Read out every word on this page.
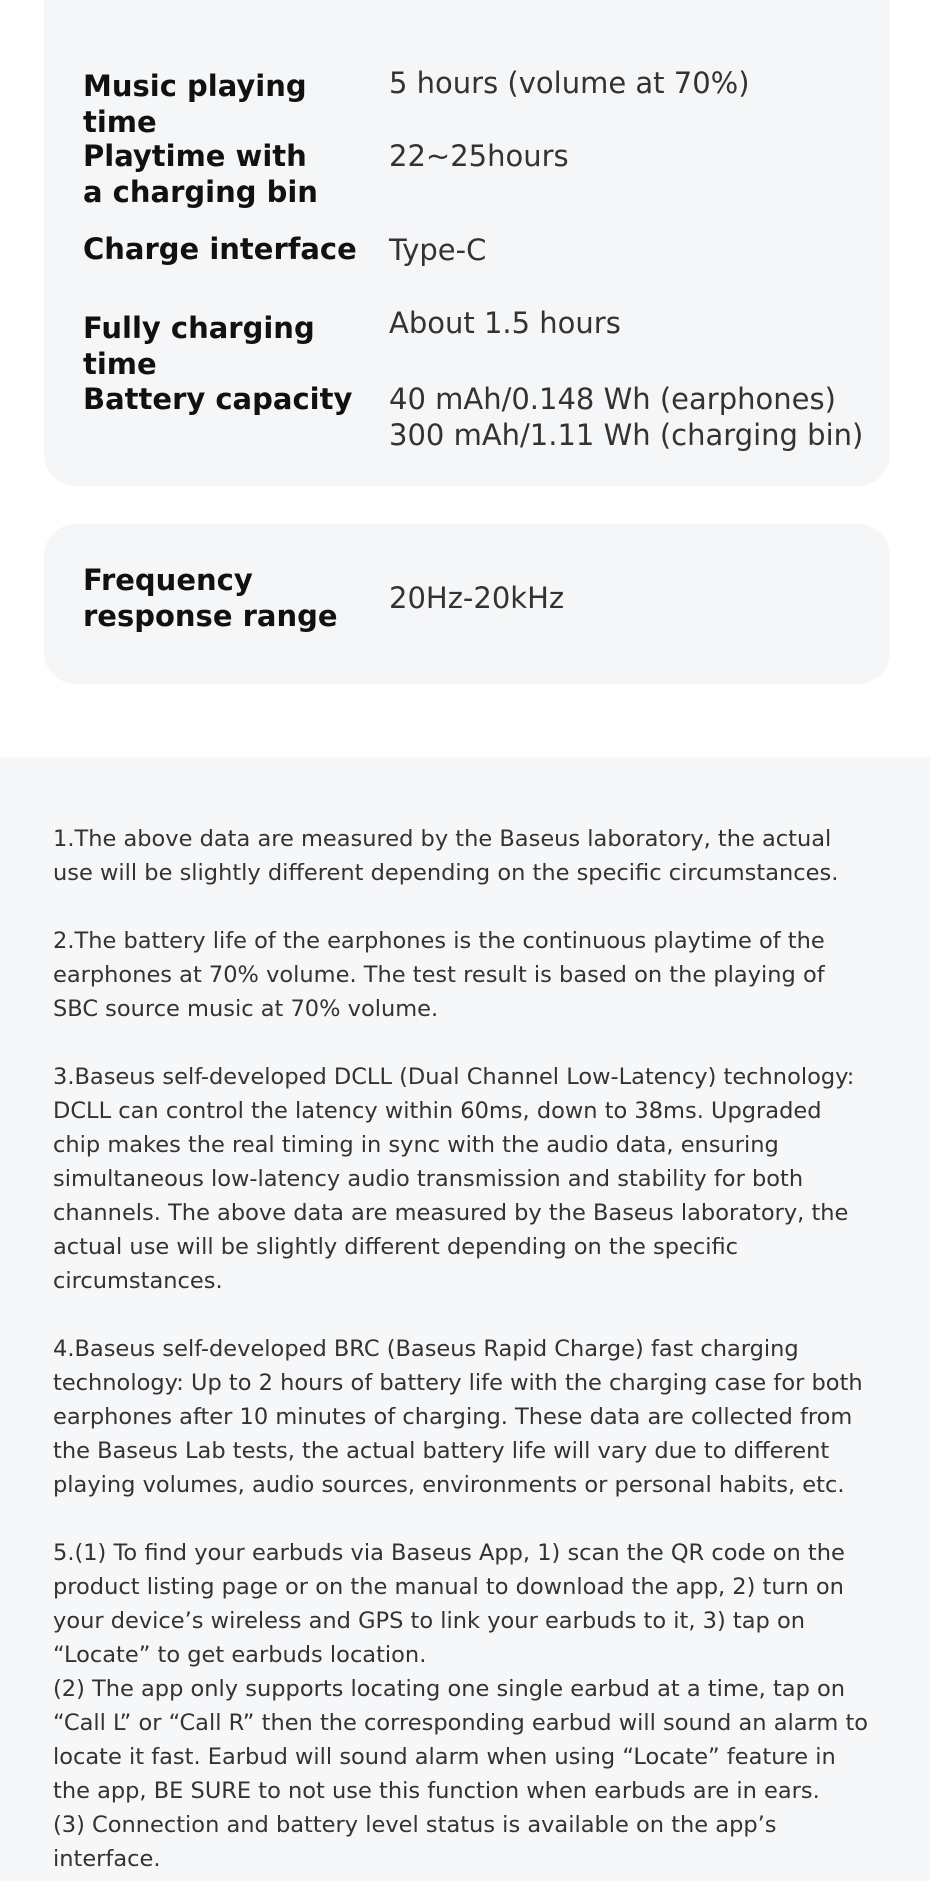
Music playing time
5 hours (volume at 70%)
Playtime with
a charging bin
22~25hours
Charge interface	Type-C
Fully charging time
About 1.5 hours
Battery capacity	40 mAh/0.148 Wh (earphones)
300 mAh/1.11 Wh (charging bin)
Frequency
response range
20Hz-20kHz

1.The above data are measured by the Baseus laboratory, the actual use will be slightly different depending on the specific circumstances.

2.The battery life of the earphones is the continuous playtime of the earphones at 70% volume. The test result is based on the playing of SBC source music at 70% volume.

3.Baseus self-developed DCLL (Dual Channel Low-Latency) technology: DCLL can control the latency within 60ms, down to 38ms. Upgraded chip makes the real timing in sync with the audio data, ensuring simultaneous low-latency audio transmission and stability for both channels. The above data are measured by the Baseus laboratory, the actual use will be slightly different depending on the specific circumstances.

4.Baseus self-developed BRC (Baseus Rapid Charge) fast charging technology: Up to 2 hours of battery life with the charging case for both earphones after 10 minutes of charging. These data are collected from the Baseus Lab tests, the actual battery life will vary due to different playing volumes, audio sources, environments or personal habits, etc.

5.(1) To find your earbuds via Baseus App, 1) scan the QR code on the product listing page or on the manual to download the app, 2) turn on your device’s wireless and GPS to link your earbuds to it, 3) tap on “Locate” to get earbuds location.
(2) The app only supports locating one single earbud at a time, tap on “Call L” or “Call R” then the corresponding earbud will sound an alarm to locate it fast. Earbud will sound alarm when using “Locate” feature in the app, BE SURE to not use this function when earbuds are in ears.
(3) Connection and battery level status is available on the app’s interface.
